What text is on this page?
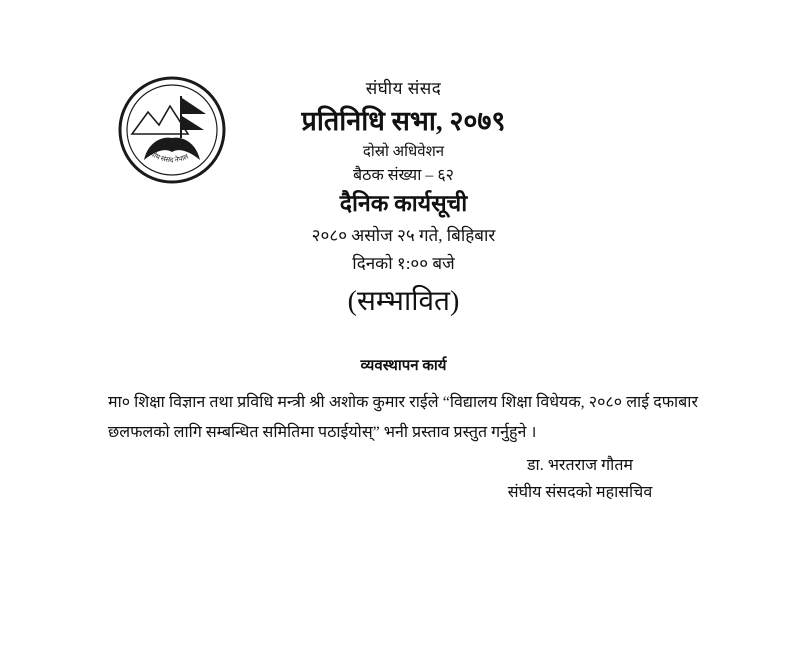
संघीय संसद नेपाल
संघीय संसद
प्रतिनिधि सभा, २०७९
दोस्रो अधिवेशन
बैठक संख्या – ६२
दैनिक कार्यसूची
२०८० असोज २५ गते, बिहिबार
दिनको १:०० बजे
(सम्भावित)
व्यवस्थापन कार्य
मा० शिक्षा विज्ञान तथा प्रविधि मन्त्री श्री अशोक कुमार राईले “विद्यालय शिक्षा विधेयक, २०८० लाई दफाबार छलफलको लागि सम्बन्धित समितिमा पठाईयोस्” भनी प्रस्ताव प्रस्तुत गर्नुहुने ।
डा. भरतराज गौतम
संघीय संसदको महासचिव
